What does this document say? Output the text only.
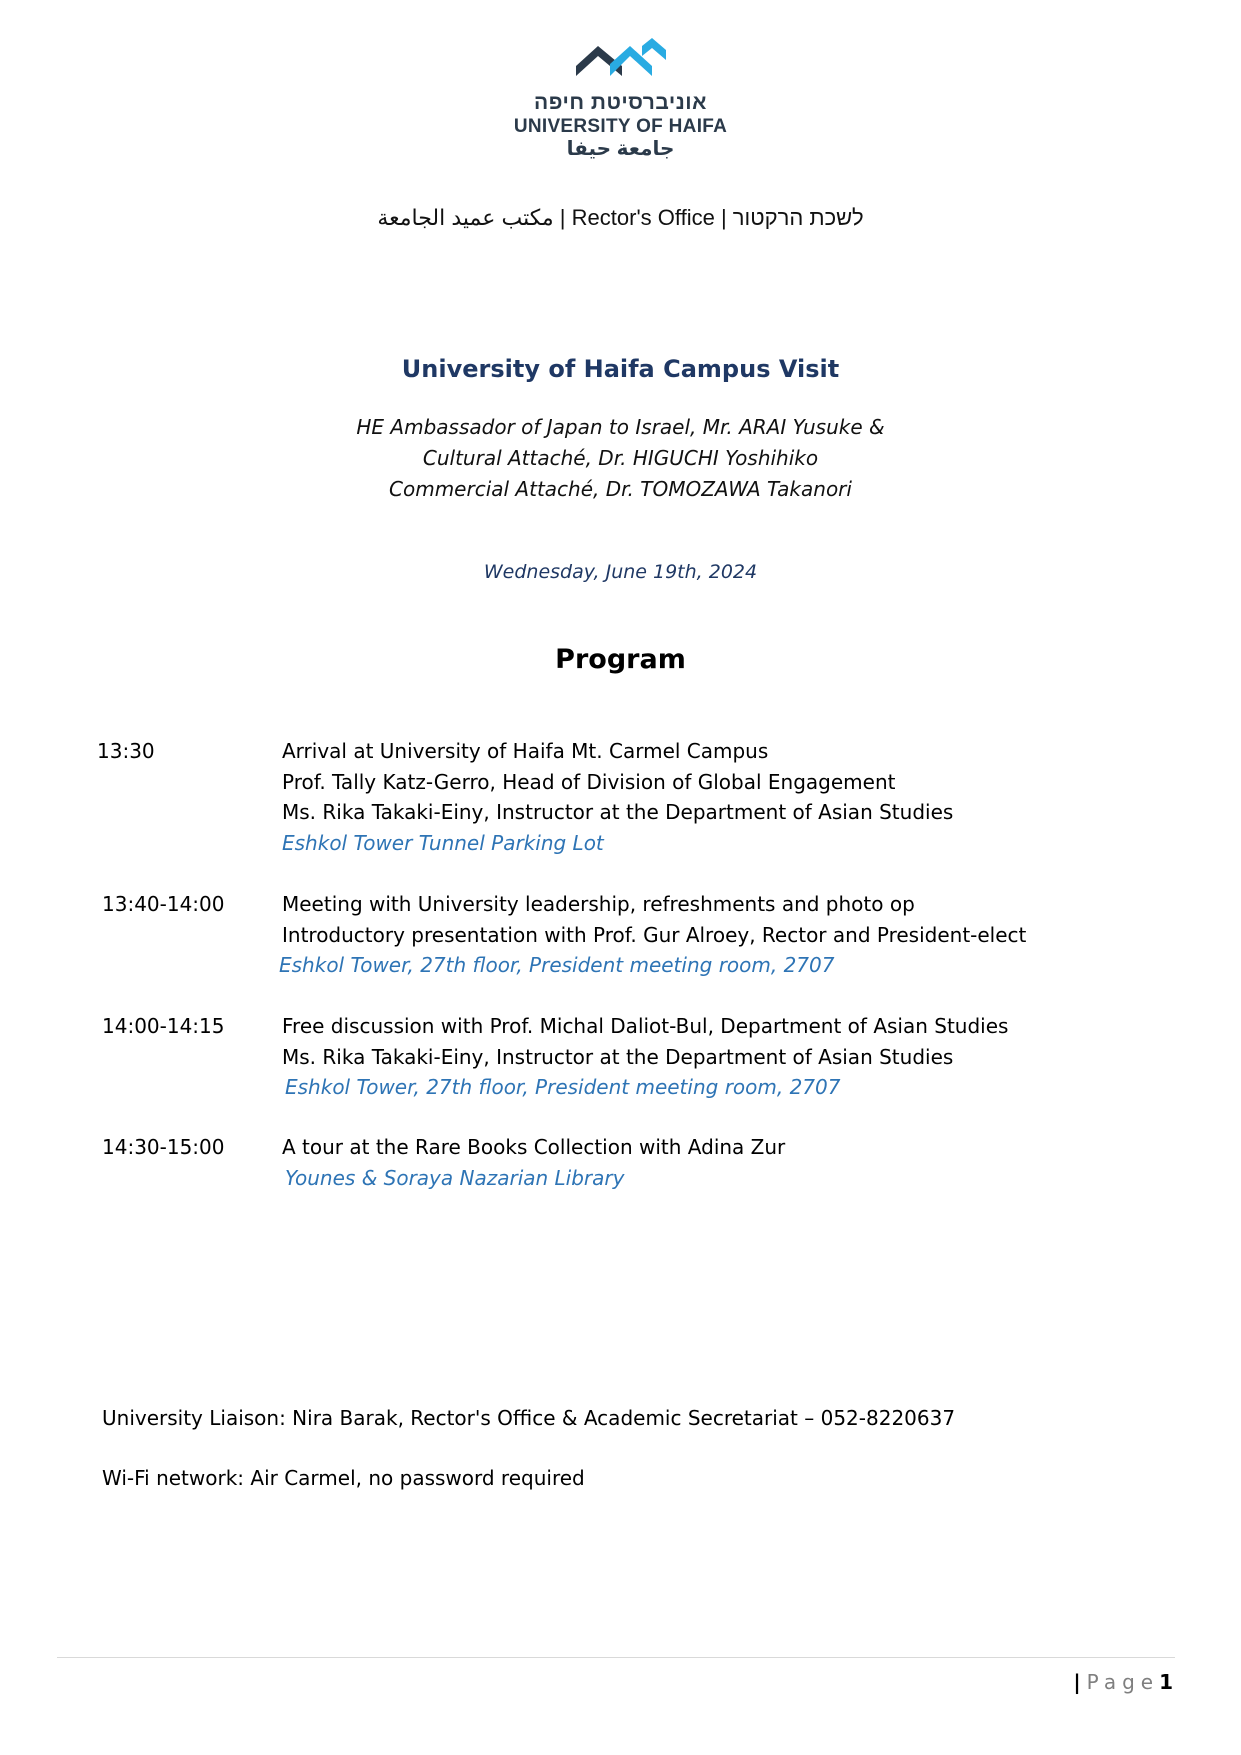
אוניברסיטת חיפה
UNIVERSITY OF HAIFA
جامعة حيفا
مكتب عميد الجامعة | Rector's Office | לשכת הרקטור
University of Haifa Campus Visit
HE Ambassador of Japan to Israel, Mr. ARAI Yusuke &
Cultural Attaché, Dr. HIGUCHI Yoshihiko
Commercial Attaché, Dr. TOMOZAWA Takanori
Wednesday, June 19th, 2024
Program
13:30	Arrival at University of Haifa Mt. Carmel Campus
Prof. Tally Katz-Gerro, Head of Division of Global Engagement
Ms. Rika Takaki-Einy, Instructor at the Department of Asian Studies
Eshkol Tower Tunnel Parking Lot
13:40-14:00	Meeting with University leadership, refreshments and photo op
Introductory presentation with Prof. Gur Alroey, Rector and President-elect
Eshkol Tower, 27th floor, President meeting room, 2707
14:00-14:15	Free discussion with Prof. Michal Daliot-Bul, Department of Asian Studies
Ms. Rika Takaki-Einy, Instructor at the Department of Asian Studies
Eshkol Tower, 27th floor, President meeting room, 2707
14:30-15:00	A tour at the Rare Books Collection with Adina Zur
Younes & Soraya Nazarian Library
University Liaison: Nira Barak, Rector's Office & Academic Secretariat – 052-8220637
Wi-Fi network: Air Carmel, no password required
| Page1
